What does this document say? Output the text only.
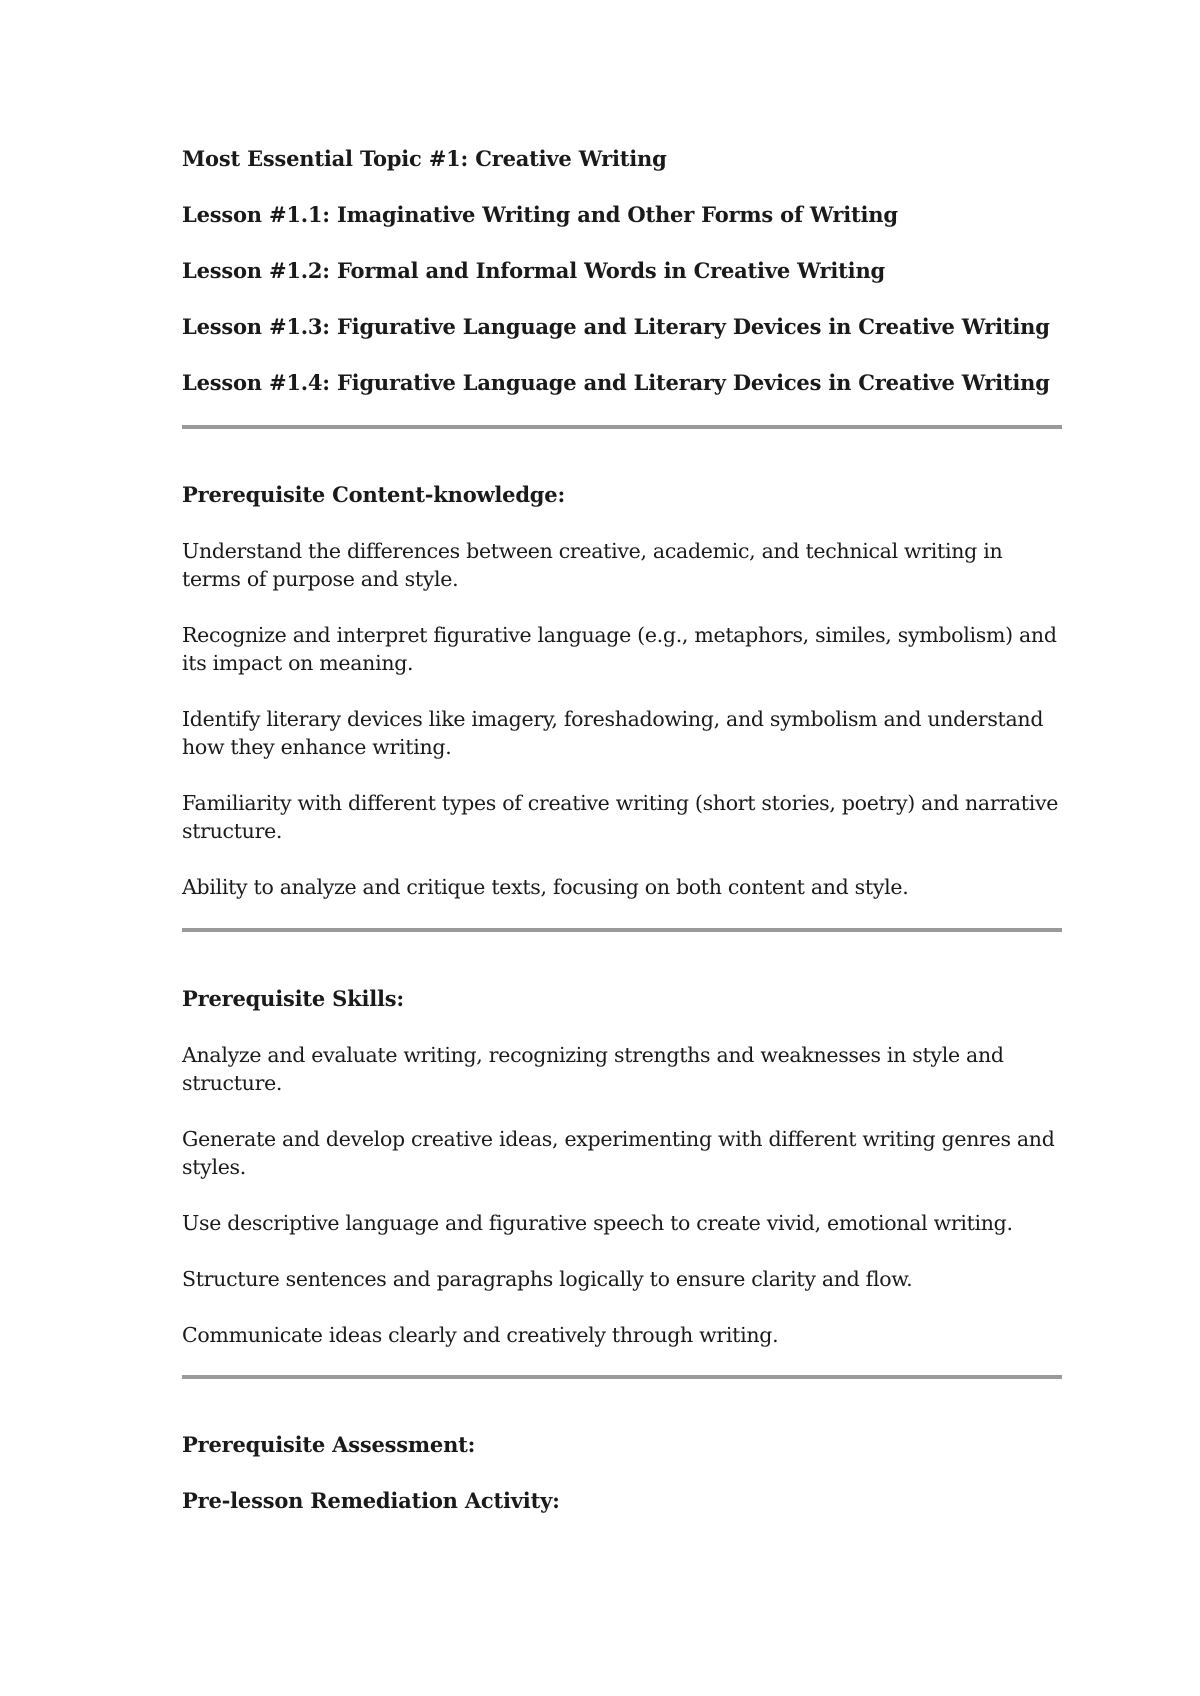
Most Essential Topic #1: Creative Writing

Lesson #1.1: Imaginative Writing and Other Forms of Writing

Lesson #1.2: Formal and Informal Words in Creative Writing

Lesson #1.3: Figurative Language and Literary Devices in Creative Writing

Lesson #1.4: Figurative Language and Literary Devices in Creative Writing

Prerequisite Content-knowledge:

Understand the differences between creative, academic, and technical writing in terms of purpose and style.

Recognize and interpret figurative language (e.g., metaphors, similes, symbolism) and its impact on meaning.

Identify literary devices like imagery, foreshadowing, and symbolism and understand how they enhance writing.

Familiarity with different types of creative writing (short stories, poetry) and narrative structure.

Ability to analyze and critique texts, focusing on both content and style.

Prerequisite Skills:

Analyze and evaluate writing, recognizing strengths and weaknesses in style and structure.

Generate and develop creative ideas, experimenting with different writing genres and styles.

Use descriptive language and figurative speech to create vivid, emotional writing.

Structure sentences and paragraphs logically to ensure clarity and flow.

Communicate ideas clearly and creatively through writing.

Prerequisite Assessment:

Pre-lesson Remediation Activity:
